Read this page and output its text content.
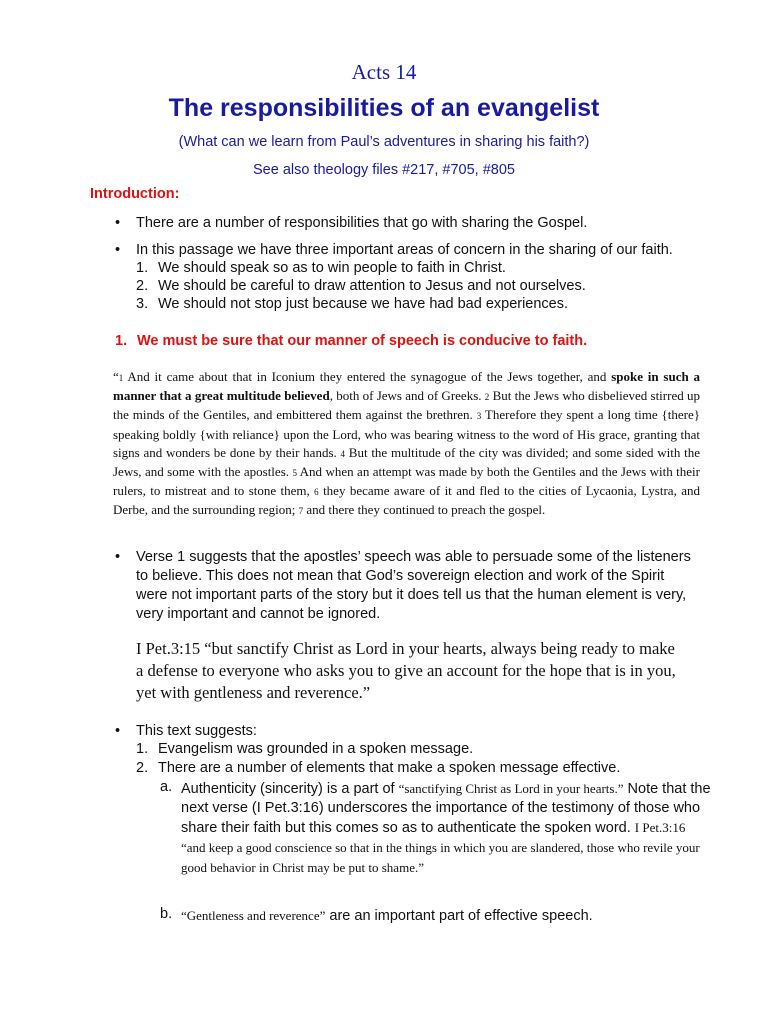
Acts 14
The responsibilities of an evangelist
(What can we learn from Paul’s adventures in sharing his faith?)
See also theology files #217, #705, #805
Introduction:
• There are a number of responsibilities that go with sharing the Gospel.
• In this passage we have three important areas of concern in the sharing of our faith.
1. We should speak so as to win people to faith in Christ.
2. We should be careful to draw attention to Jesus and not ourselves.
3. We should not stop just because we have had bad experiences.
1. We must be sure that our manner of speech is conducive to faith.
“1 And it came about that in Iconium they entered the synagogue of the Jews together, and spoke in such a manner that a great multitude believed, both of Jews and of Greeks. 2 But the Jews who disbelieved stirred up the minds of the Gentiles, and embittered them against the brethren. 3 Therefore they spent a long time {there} speaking boldly {with reliance} upon the Lord, who was bearing witness to the word of His grace, granting that signs and wonders be done by their hands. 4 But the multitude of the city was divided; and some sided with the Jews, and some with the apostles. 5 And when an attempt was made by both the Gentiles and the Jews with their rulers, to mistreat and to stone them, 6 they became aware of it and fled to the cities of Lycaonia, Lystra, and Derbe, and the surrounding region; 7 and there they continued to preach the gospel.
• Verse 1 suggests that the apostles’ speech was able to persuade some of the listeners to believe. This does not mean that God’s sovereign election and work of the Spirit were not important parts of the story but it does tell us that the human element is very, very important and cannot be ignored.
I Pet.3:15 “but sanctify Christ as Lord in your hearts, always being ready to make a defense to everyone who asks you to give an account for the hope that is in you, yet with gentleness and reverence.”
• This text suggests:
1. Evangelism was grounded in a spoken message.
2. There are a number of elements that make a spoken message effective.
a. Authenticity (sincerity) is a part of “sanctifying Christ as Lord in your hearts.” Note that the next verse (I Pet.3:16) underscores the importance of the testimony of those who share their faith but this comes so as to authenticate the spoken word. I Pet.3:16 “and keep a good conscience so that in the things in which you are slandered, those who revile your good behavior in Christ may be put to shame.”
b. “Gentleness and reverence” are an important part of effective speech.
